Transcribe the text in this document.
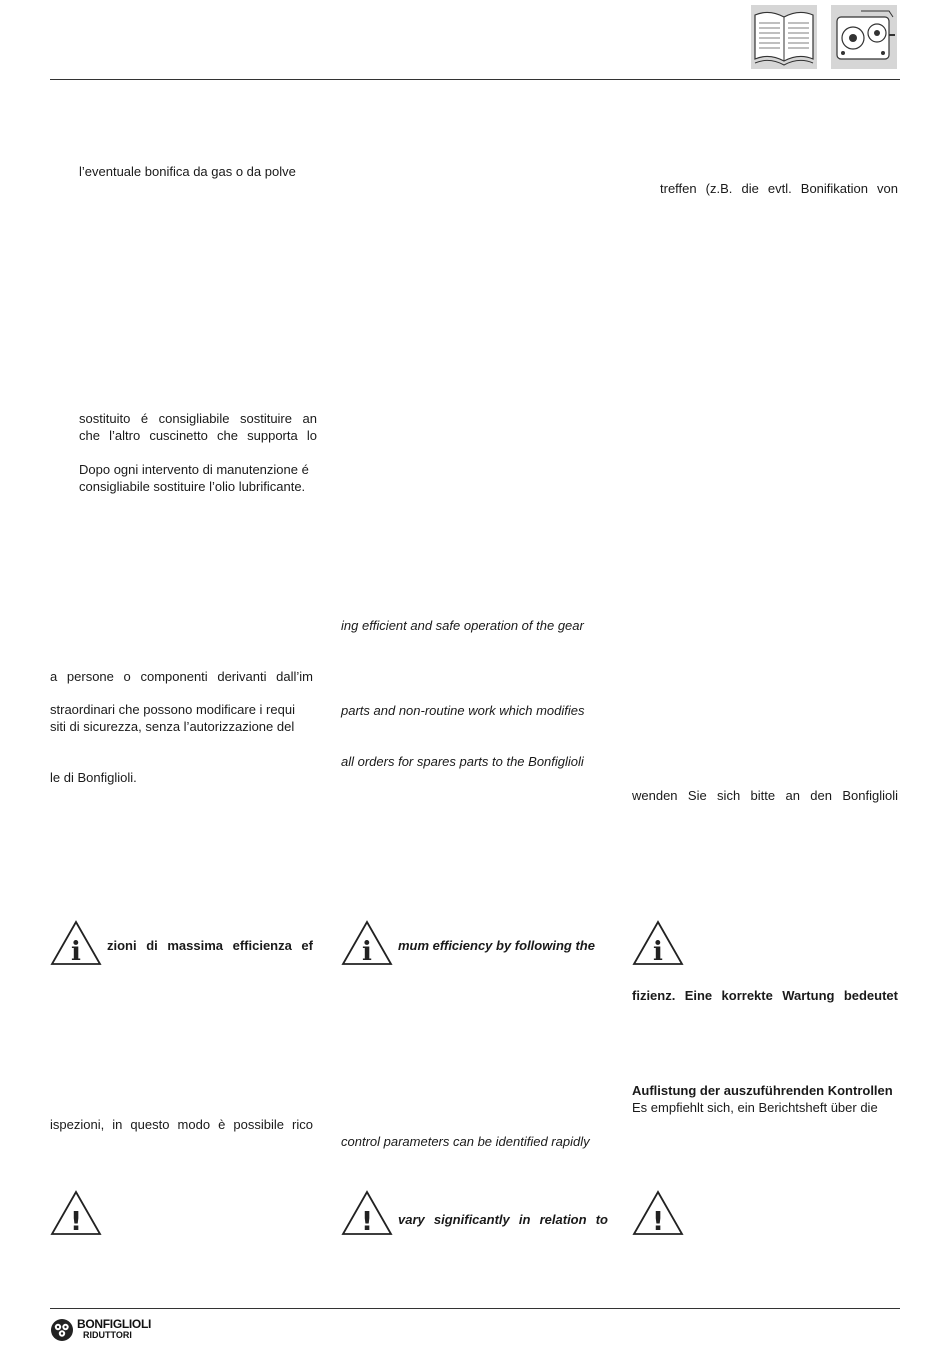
l’eventuale bonifica da gas o da polve
sostituito é consigliabile sostituire an
che l’altro cuscinetto che supporta lo
Dopo ogni intervento di manutenzione é
consigliabile sostituire l’olio lubrificante.
a persone o componenti derivanti dall’im
straordinari che possono modificare i requi
siti di sicurezza, senza l’autorizzazione del
le di Bonfiglioli.
i zioni di massima efficienza ef
ispezioni, in questo modo è possibile rico
!
ing efficient and safe operation of the gear
parts and non-routine work which modifies
all orders for spares parts to the Bonfiglioli
i mum efficiency by following the
control parameters can be identified rapidly
! vary significantly in relation to
treffen (z.B. die evtl. Bonifikation von
wenden Sie sich bitte an den Bonfiglioli
i
fizienz. Eine korrekte Wartung bedeutet
Auflistung der auszuführenden Kontrollen
Es empfiehlt sich, ein Berichtsheft über die
!
BONFIGLIOLI
RIDUTTORI
